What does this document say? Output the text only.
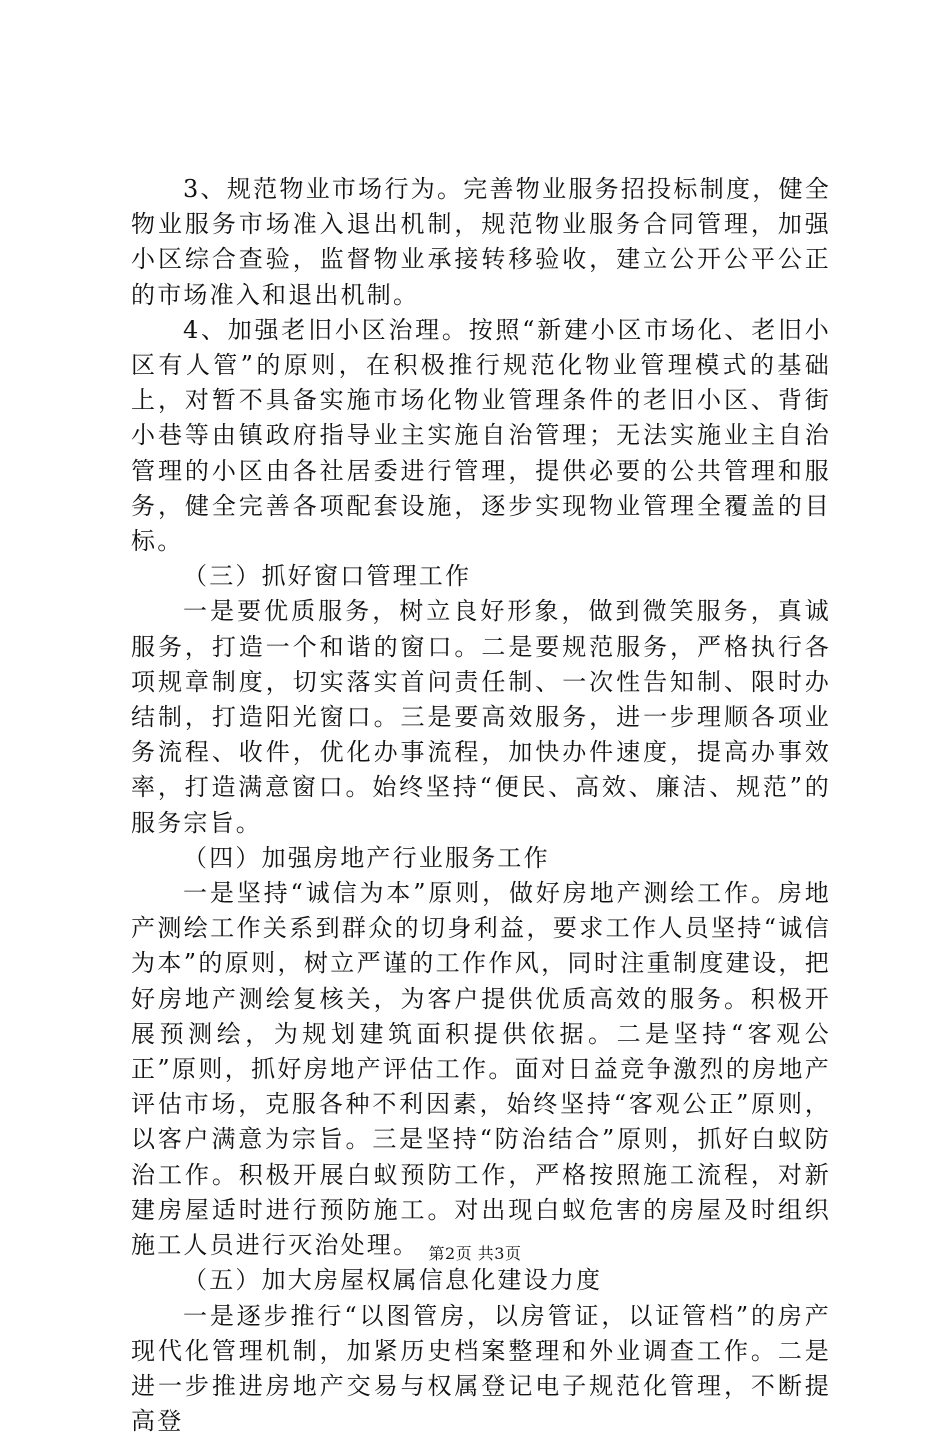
3、规范物业市场行为。完善物业服务招投标制度，健全物业服务市场准入退出机制，规范物业服务合同管理，加强小区综合查验，监督物业承接转移验收，建立公开公平公正的市场准入和退出机制。

4、加强老旧小区治理。按照“新建小区市场化、老旧小区有人管”的原则，在积极推行规范化物业管理模式的基础上，对暂不具备实施市场化物业管理条件的老旧小区、背街小巷等由镇政府指导业主实施自治管理；无法实施业主自治管理的小区由各社居委进行管理，提供必要的公共管理和服务，健全完善各项配套设施，逐步实现物业管理全覆盖的目标。

（三）抓好窗口管理工作

一是要优质服务，树立良好形象，做到微笑服务，真诚服务，打造一个和谐的窗口。二是要规范服务，严格执行各项规章制度，切实落实首问责任制、一次性告知制、限时办结制，打造阳光窗口。三是要高效服务，进一步理顺各项业务流程、收件，优化办事流程，加快办件速度，提高办事效率，打造满意窗口。始终坚持“便民、高效、廉洁、规范”的服务宗旨。

（四）加强房地产行业服务工作

一是坚持“诚信为本”原则，做好房地产测绘工作。房地产测绘工作关系到群众的切身利益，要求工作人员坚持“诚信为本”的原则，树立严谨的工作作风，同时注重制度建设，把好房地产测绘复核关，为客户提供优质高效的服务。积极开展预测绘，为规划建筑面积提供依据。二是坚持“客观公正”原则，抓好房地产评估工作。面对日益竞争激烈的房地产评估市场，克服各种不利因素，始终坚持“客观公正”原则，以客户满意为宗旨。三是坚持“防治结合”原则，抓好白蚁防治工作。积极开展白蚁预防工作，严格按照施工流程，对新建房屋适时进行预防施工。对出现白蚁危害的房屋及时组织施工人员进行灭治处理。

（五）加大房屋权属信息化建设力度

一是逐步推行“以图管房，以房管证，以证管档”的房产现代化管理机制，加紧历史档案整理和外业调查工作。二是进一步推进房地产交易与权属登记电子规范化管理，不断提高登

第2页 共3页
